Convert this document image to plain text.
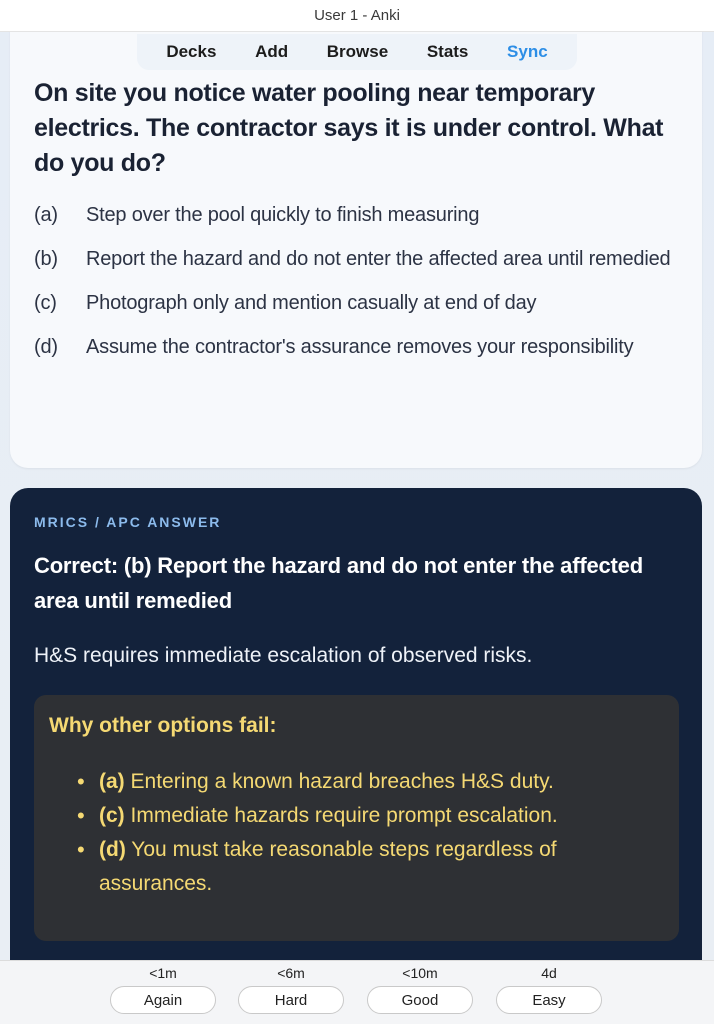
User 1 - Anki
On site you notice water pooling near temporary electrics. The contractor says it is under control. What do you do?
(a) Step over the pool quickly to finish measuring
(b) Report the hazard and do not enter the affected area until remedied
(c) Photograph only and mention casually at end of day
(d) Assume the contractor's assurance removes your responsibility
Decks Add Browse Stats Sync
MRICS / APC ANSWER
Correct: (b) Report the hazard and do not enter the affected area until remedied
H&S requires immediate escalation of observed risks.
Why other options fail:
• (a) Entering a known hazard breaches H&S duty.
• (c) Immediate hazards require prompt escalation.
• (d) You must take reasonable steps regardless of assurances.
<1m
Again
<6m
Hard
<10m
Good
4d
Easy
